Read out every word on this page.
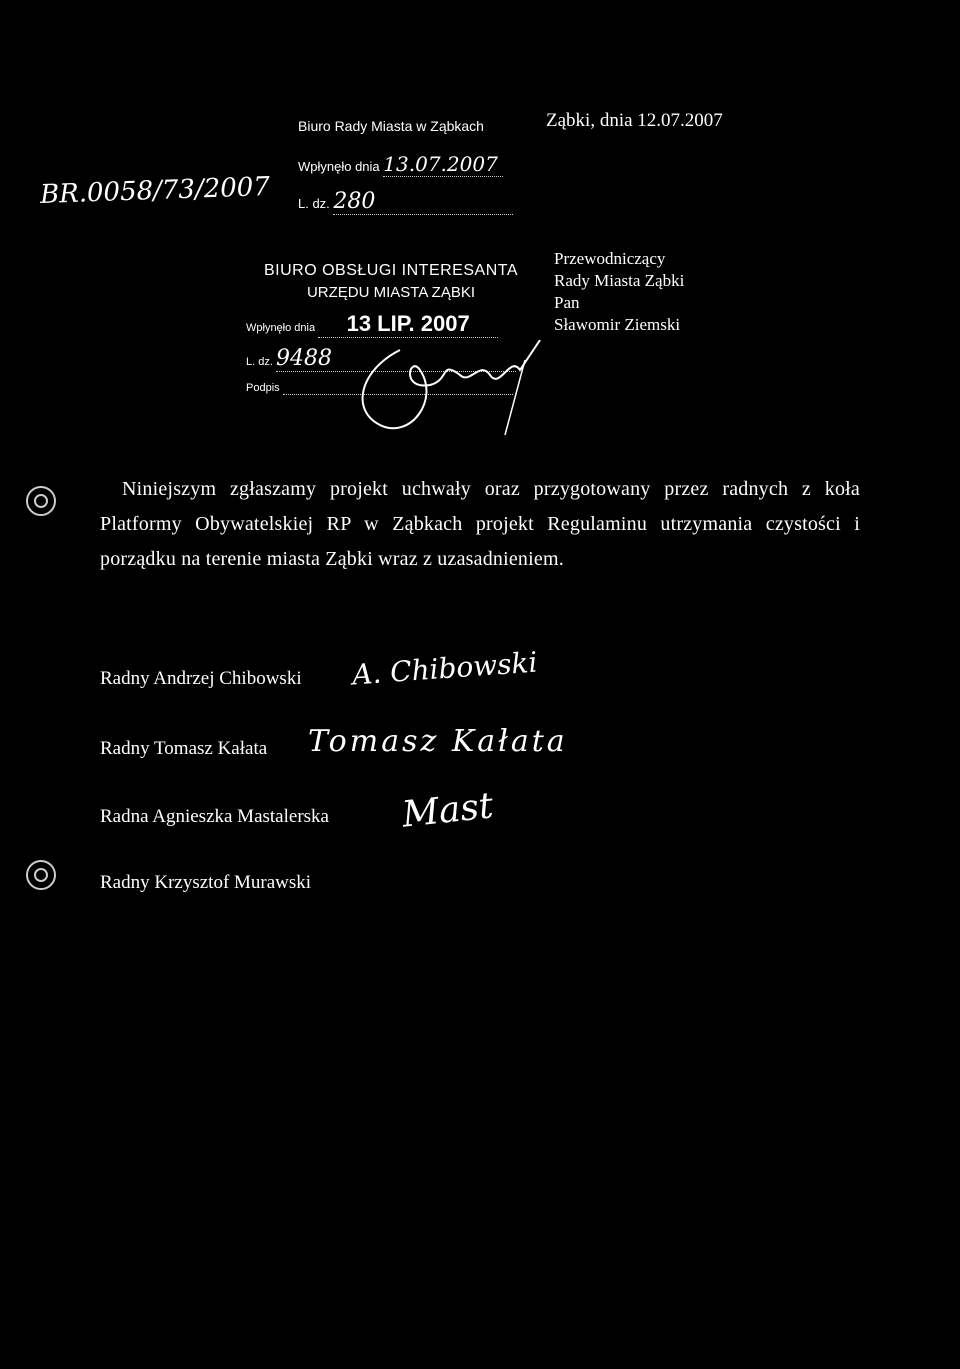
BR.0058/73/2007
Biuro Rady Miasta w Ząbkach
Wpłynęło dnia 13.07.2007
L. dz. 280
Ząbki, dnia 12.07.2007
BIURO OBSŁUGI INTERESANTA
URZĘDU MIASTA ZĄBKI
Wpłynęło dnia 13 LIP. 2007
L. dz. 9488
Podpis
Przewodniczący
Rady Miasta Ząbki
Pan
Sławomir Ziemski
Niniejszym zgłaszamy projekt uchwały oraz przygotowany przez radnych z koła Platformy Obywatelskiej RP w Ząbkach projekt Regulaminu utrzymania czystości i porządku na terenie miasta Ząbki wraz z uzasadnieniem.
Radny Andrzej Chibowski A. Chibowski
Radny Tomasz Kałata Tomasz Kałata
Radna Agnieszka Mastalerska Mast
Radny Krzysztof Murawski
